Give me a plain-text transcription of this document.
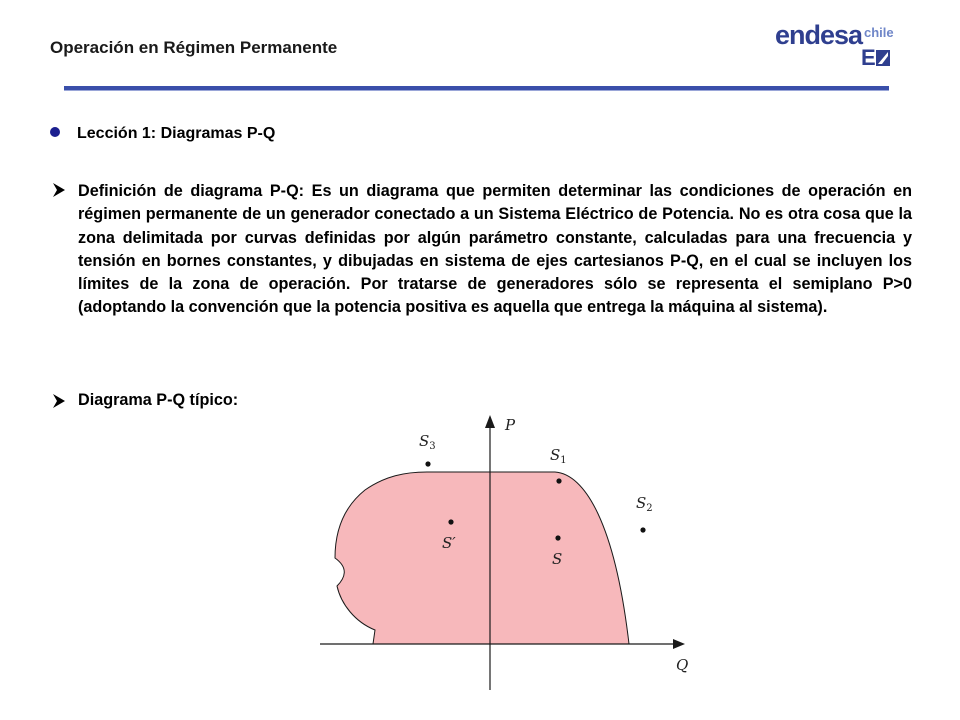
Operación en Régimen Permanente	endesa chile
E
Lección 1: Diagramas P-Q
Definición de diagrama P-Q: Es un diagrama que permiten determinar las condiciones de operación en régimen permanente de un generador conectado a un Sistema Eléctrico de Potencia. No es otra cosa que la zona delimitada por curvas definidas por algún parámetro constante, calculadas para una frecuencia y tensión en bornes constantes, y dibujadas en sistema de ejes cartesianos P-Q, en el cual se incluyen los límites de la zona de operación. Por tratarse de generadores sólo se representa el semiplano P>0 (adoptando la convención que la potencia positiva es aquella que entrega la máquina al sistema).
Diagrama P-Q típico:
P
Q
$S_3$	$S_1$
$S_2$
S′
S
